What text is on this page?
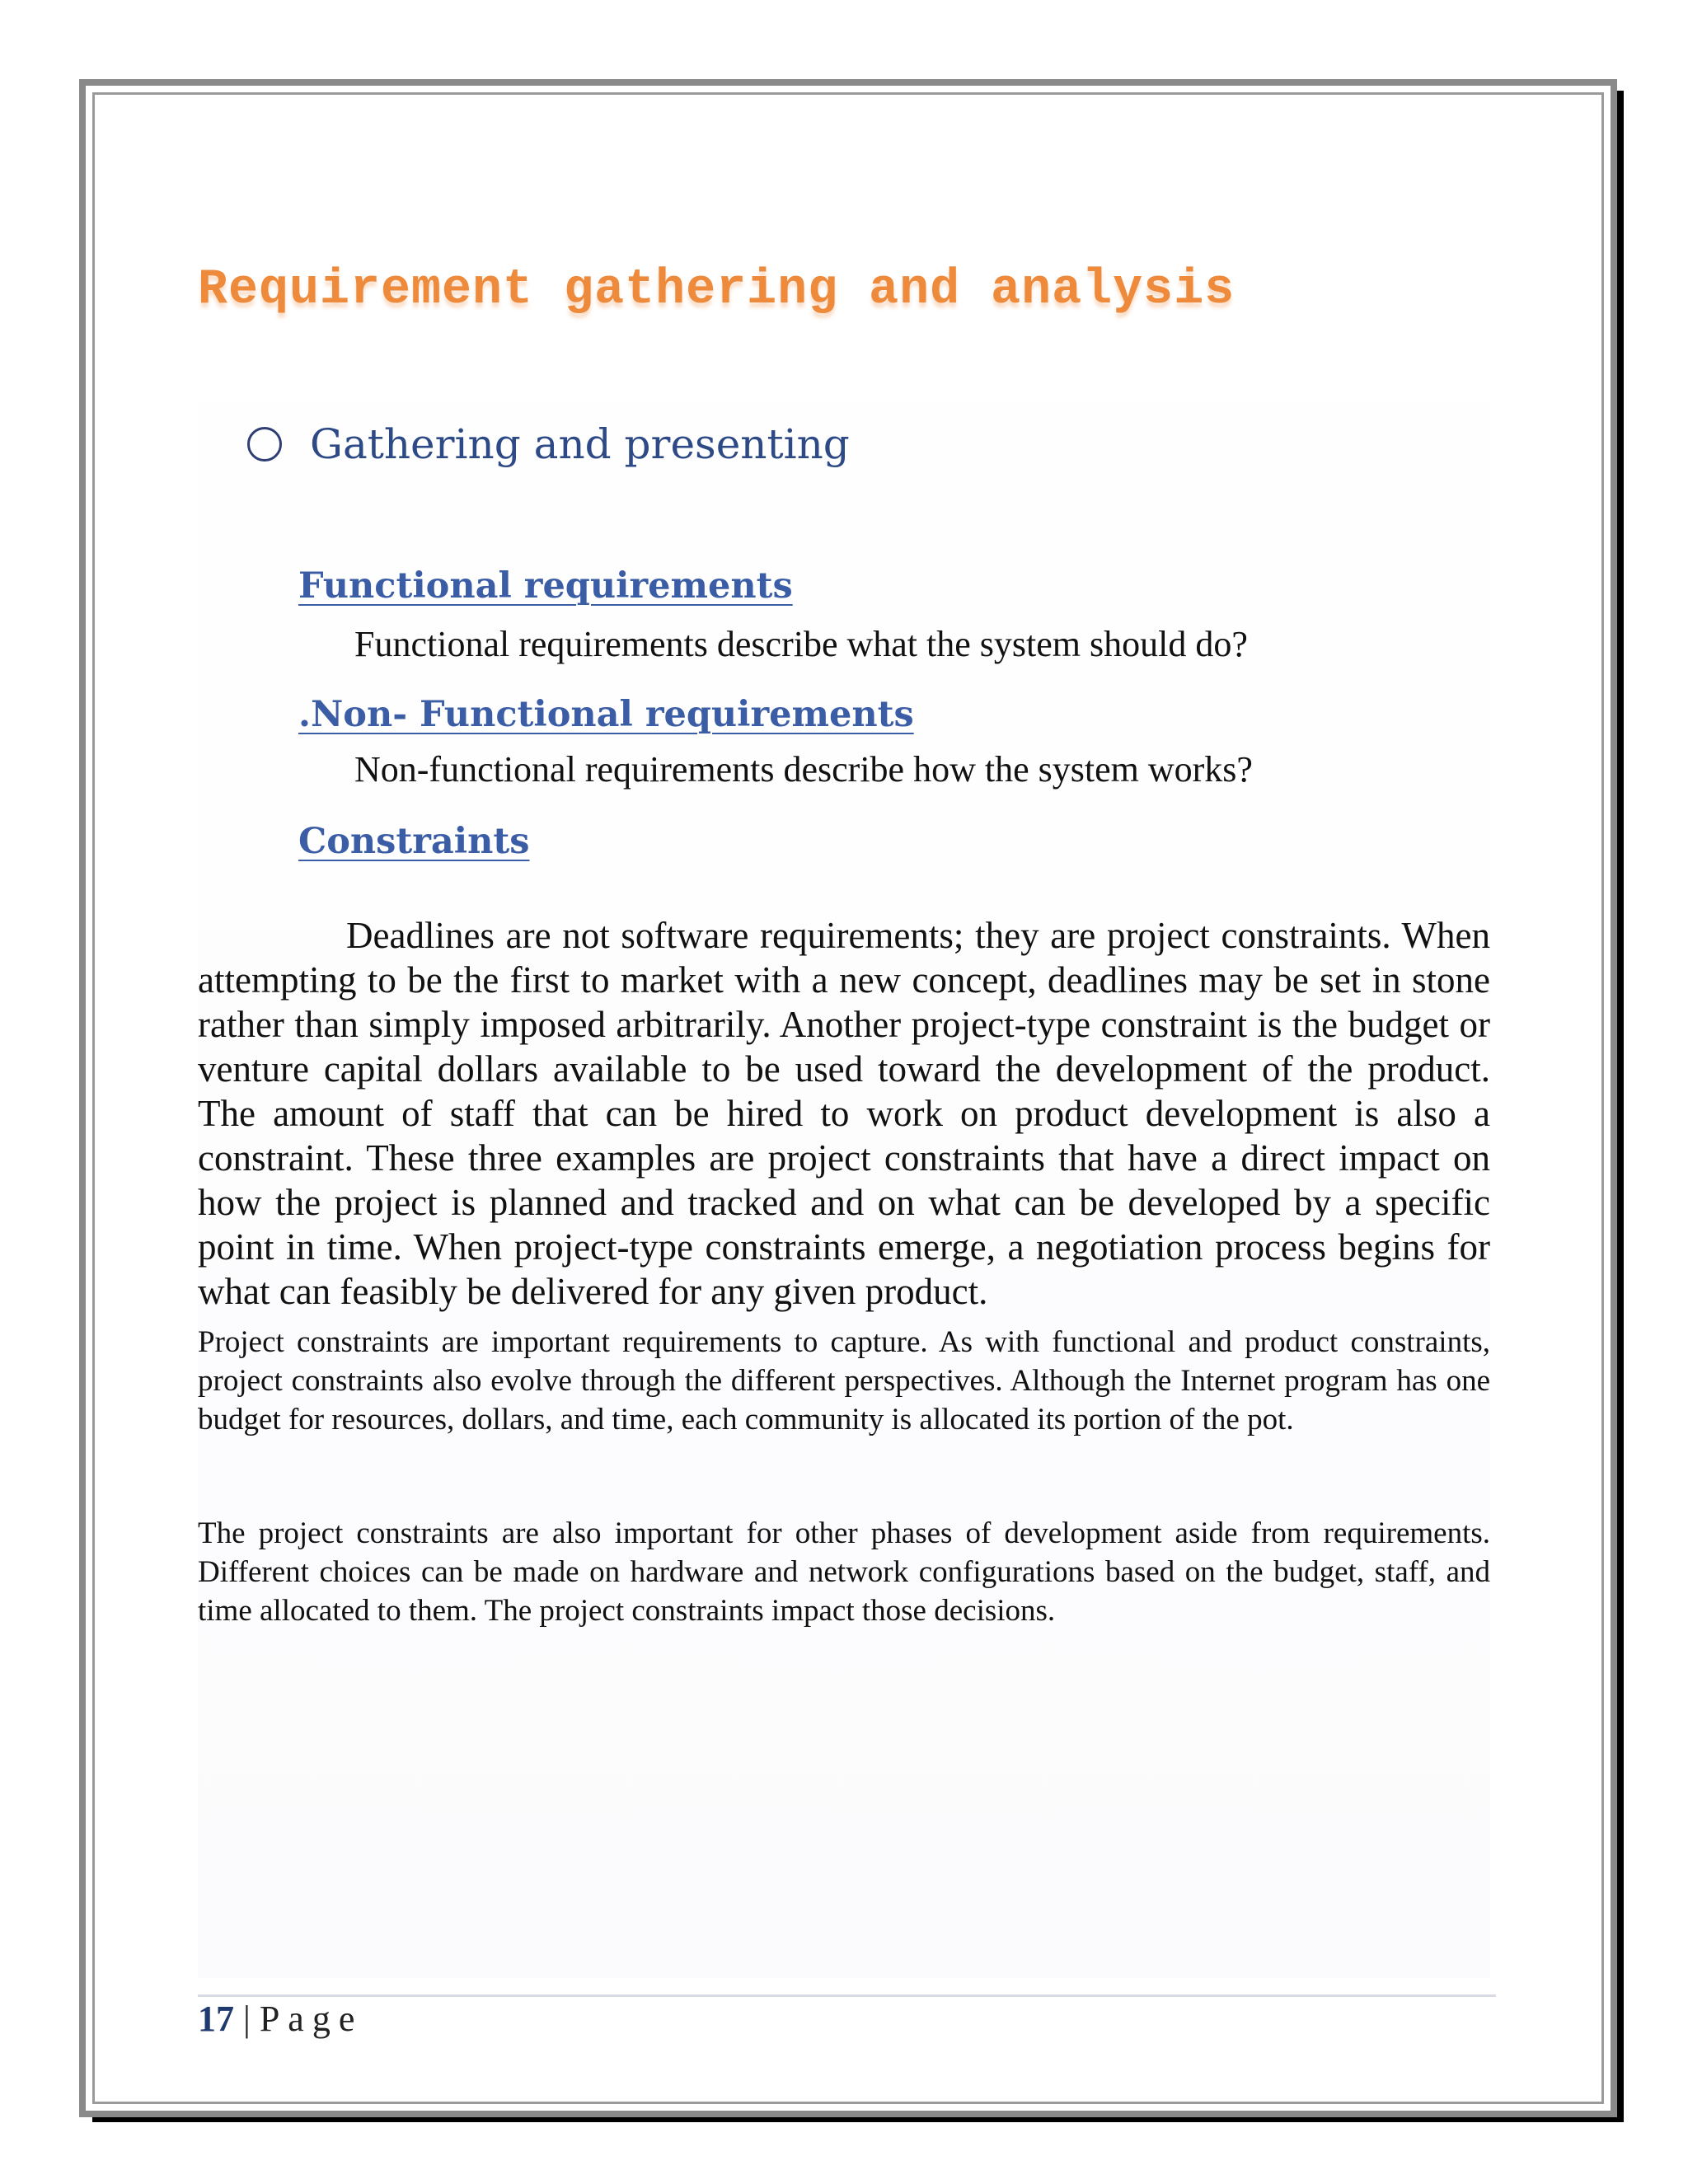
Requirement gathering and analysis
Gathering and presenting
Functional requirements

Functional requirements describe what the system should do?

.Non- Functional requirements

Non-functional requirements describe how the system works?

Constraints

Deadlines are not software requirements; they are project constraints. When attempting to be the first to market with a new concept, deadlines may be set in stone rather than simply imposed arbitrarily. Another project-type constraint is the budget or venture capital dollars available to be used toward the development of the product. The amount of staff that can be hired to work on product development is also a constraint. These three examples are project constraints that have a direct impact on how the project is planned and tracked and on what can be developed by a specific point in time. When project-type constraints emerge, a negotiation process begins for what can feasibly be delivered for any given product.

Project constraints are important requirements to capture. As with functional and product constraints, project constraints also evolve through the different perspectives. Although the Internet program has one budget for resources, dollars, and time, each community is allocated its portion of the pot.

The project constraints are also important for other phases of development aside from requirements. Different choices can be made on hardware and network configurations based on the budget, staff, and time allocated to them. The project constraints impact those decisions.

17 | Page
